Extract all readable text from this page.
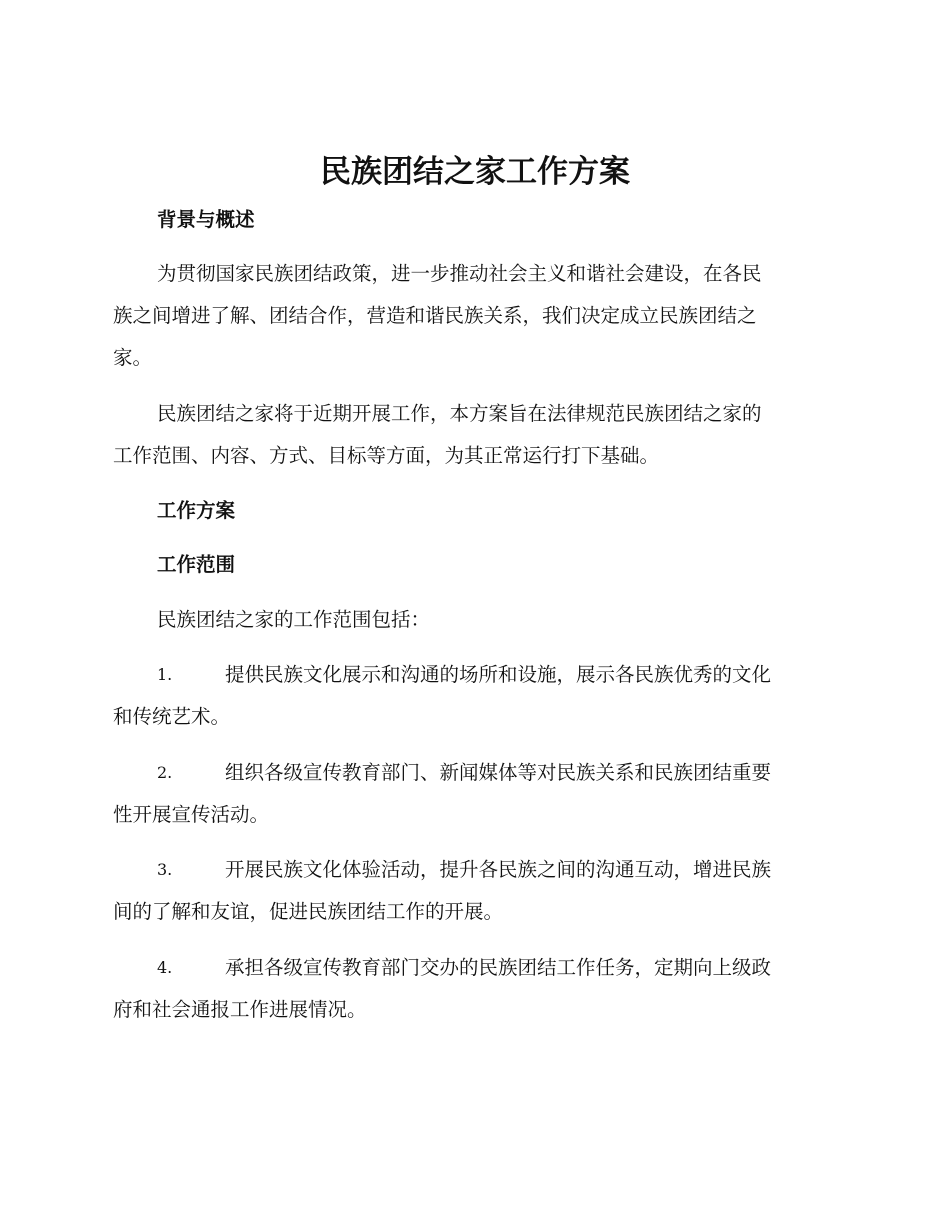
民族团结之家工作方案
背景与概述
为贯彻国家民族团结政策，进一步推动社会主义和谐社会建设，在各民
族之间增进了解、团结合作，营造和谐民族关系，我们决定成立民族团结之
家。
民族团结之家将于近期开展工作，本方案旨在法律规范民族团结之家的
工作范围、内容、方式、目标等方面，为其正常运行打下基础。
工作方案
工作范围
民族团结之家的工作范围包括：
1.	提供民族文化展示和沟通的场所和设施，展示各民族优秀的文化
和传统艺术。
2.	组织各级宣传教育部门、新闻媒体等对民族关系和民族团结重要
性开展宣传活动。
3.	开展民族文化体验活动，提升各民族之间的沟通互动，增进民族
间的了解和友谊，促进民族团结工作的开展。
4.	承担各级宣传教育部门交办的民族团结工作任务，定期向上级政
府和社会通报工作进展情况。
